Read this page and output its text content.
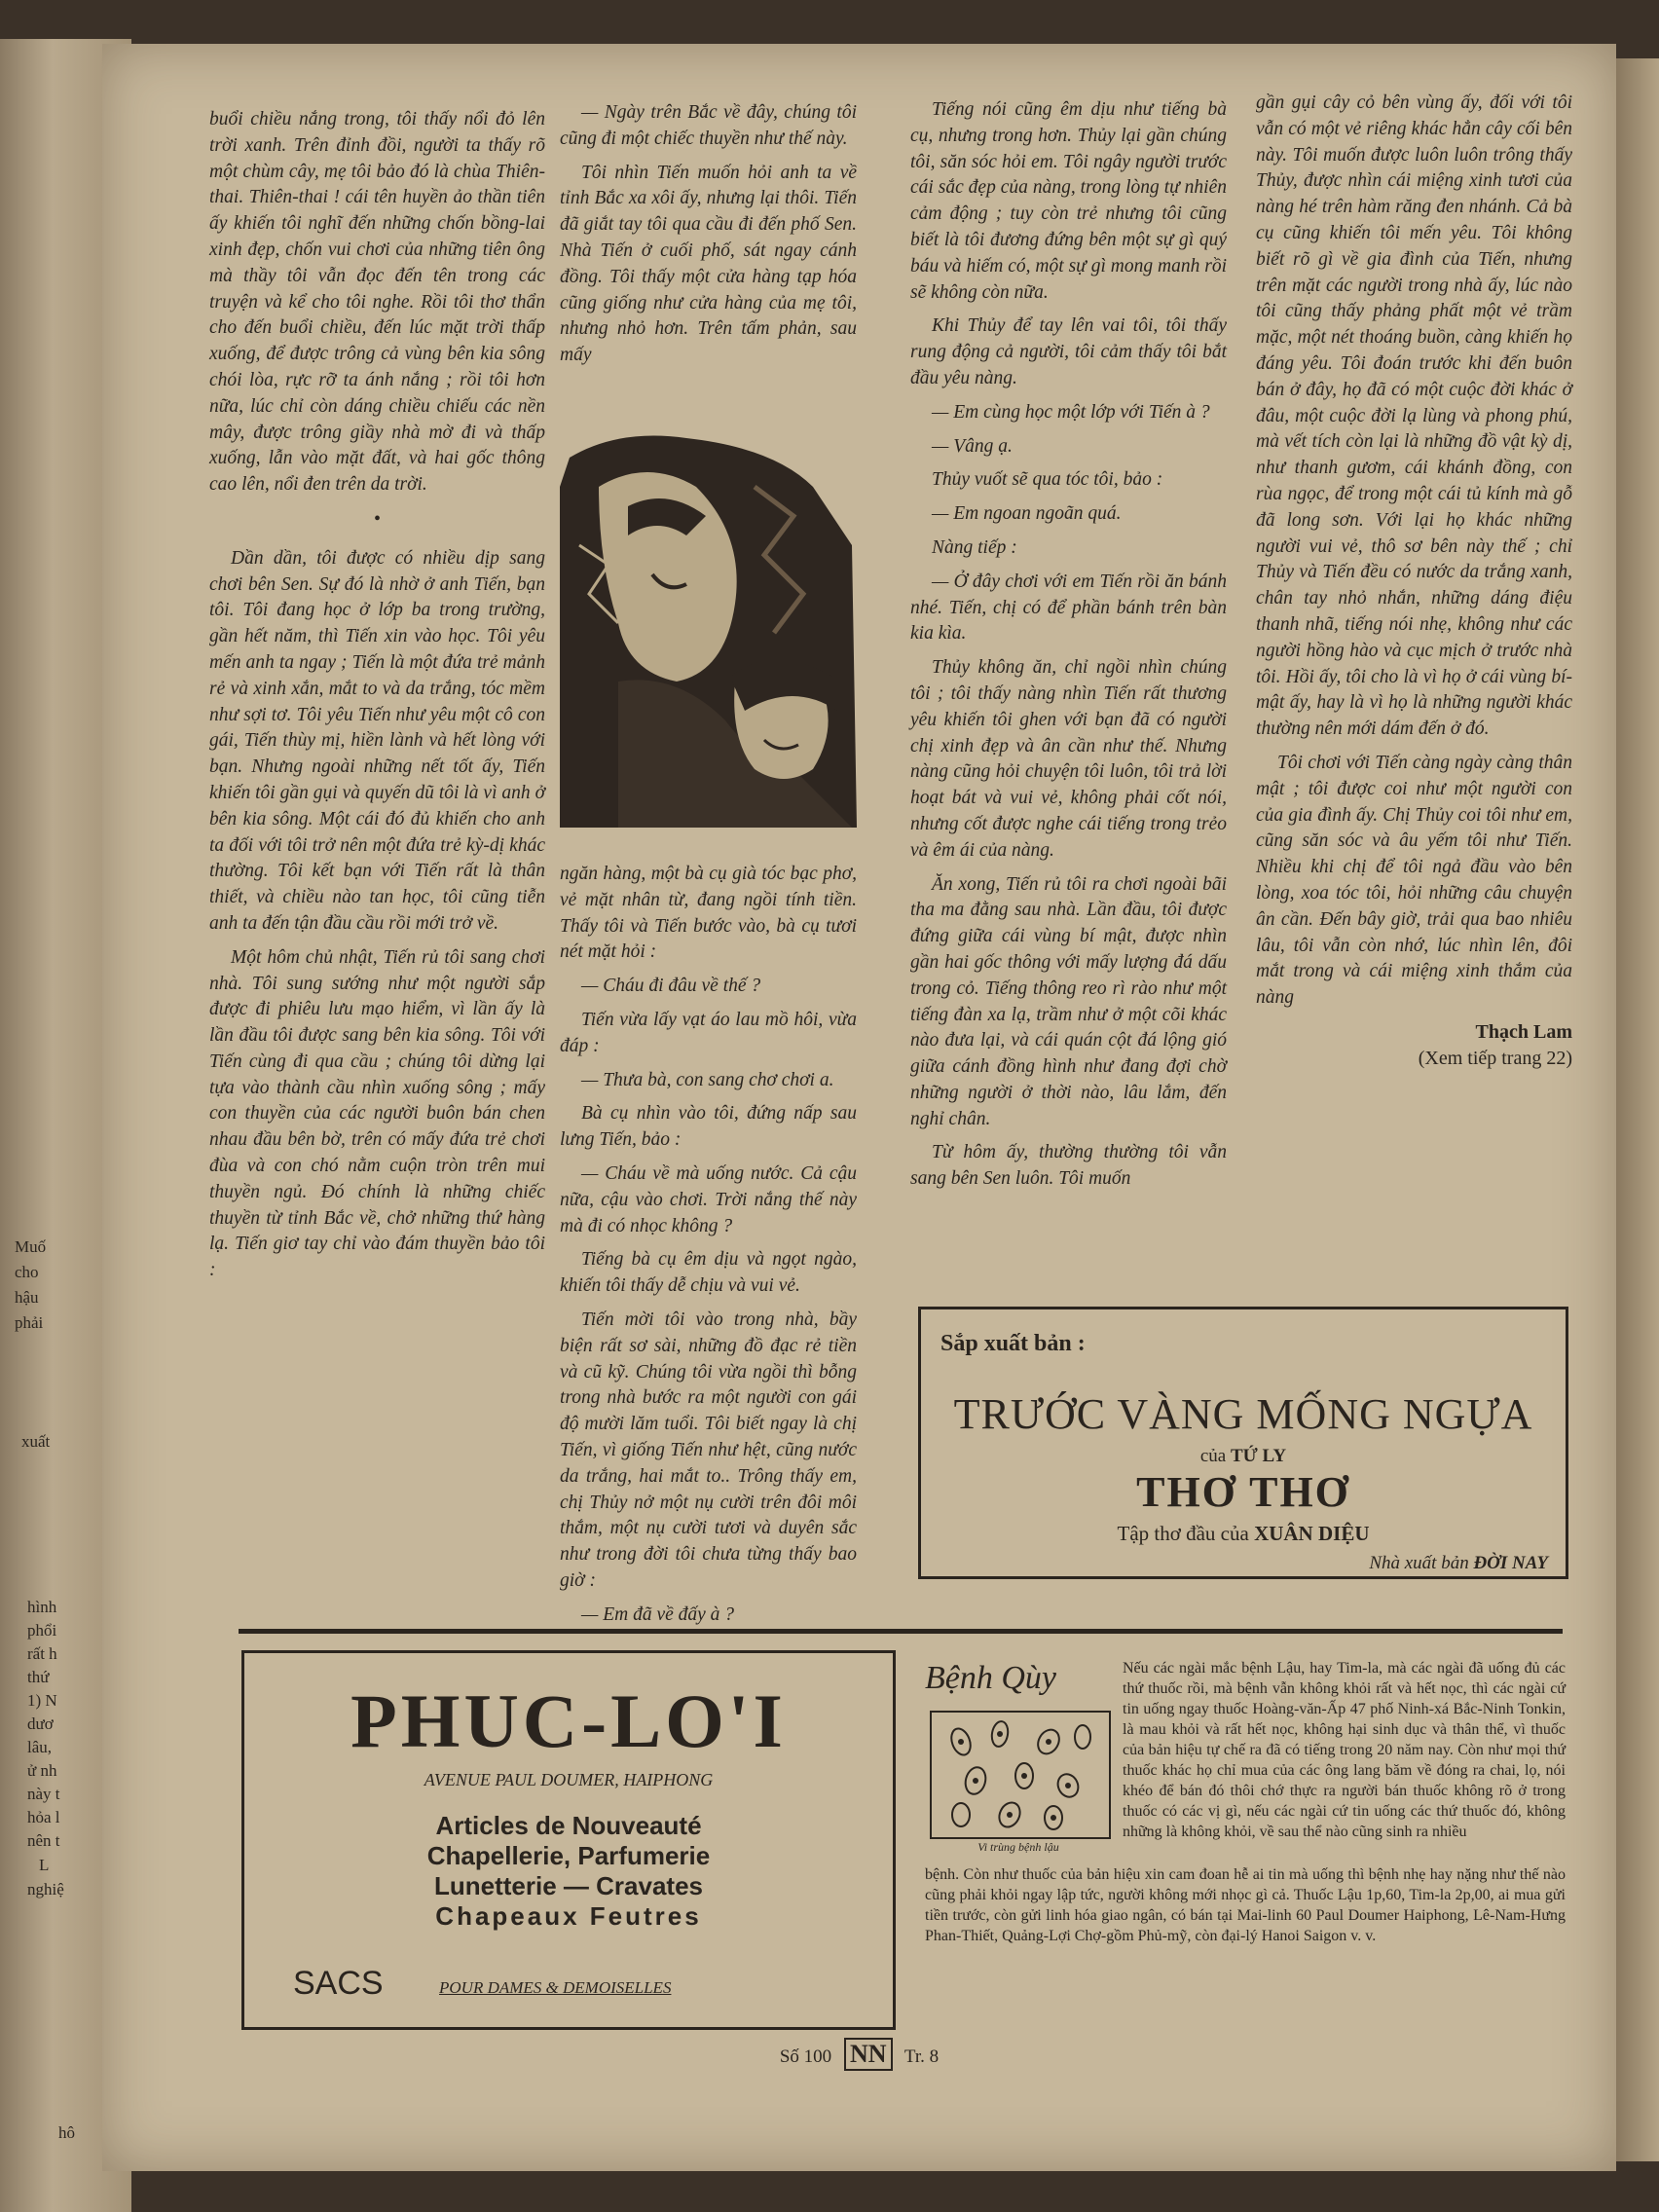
Muố
cho
hậu
phải
xuất
hình
phổi
rất h
thứ
1) N
dươ
lâu,
ử nh
này t
hỏa l
nên t
L
nghiệ
hô

buổi chiều nắng trong, tôi thấy nổi đỏ lên trời xanh. Trên đỉnh đồi, người ta thấy rõ một chùm cây, mẹ tôi bảo đó là chùa Thiên-thai. Thiên-thai ! cái tên huyền ảo thần tiên ấy khiến tôi nghĩ đến những chốn bồng-lai xinh đẹp, chốn vui chơi của những tiên ông mà thầy tôi vẫn đọc đến tên trong các truyện và kể cho tôi nghe. Rồi tôi thơ thẩn cho đến buổi chiều, đến lúc mặt trời thấp xuống, để được trông cả vùng bên kia sông chói lòa, rực rỡ ta ánh nắng ; rồi tôi hơn nữa, lúc chỉ còn dáng chiều chiếu các nền mây, được trông giầy nhà mờ đi và thấp xuống, lẫn vào mặt đất, và hai gốc thông cao lên, nổi đen trên da trời.

•

Dần dần, tôi được có nhiều dịp sang chơi bên Sen. Sự đó là nhờ ở anh Tiến, bạn tôi. Tôi đang học ở lớp ba trong trường, gần hết năm, thì Tiến xin vào học. Tôi yêu mến anh ta ngay ; Tiến là một đứa trẻ mảnh rẻ và xinh xắn, mắt to và da trắng, tóc mềm như sợi tơ. Tôi yêu Tiến như yêu một cô con gái, Tiến thùy mị, hiền lành và hết lòng với bạn. Nhưng ngoài những nết tốt ấy, Tiến khiến tôi gần gụi và quyến dũ tôi là vì anh ở bên kia sông. Một cái đó đủ khiến cho anh ta đối với tôi trở nên một đứa trẻ kỳ-dị khác thường. Tôi kết bạn với Tiến rất là thân thiết, và chiều nào tan học, tôi cũng tiễn anh ta đến tận đầu cầu rồi mới trở về.

Một hôm chủ nhật, Tiến rủ tôi sang chơi nhà. Tôi sung sướng như một người sắp được đi phiêu lưu mạo hiểm, vì lần ấy là lần đầu tôi được sang bên kia sông. Tôi với Tiến cùng đi qua cầu ; chúng tôi dừng lại tựa vào thành cầu nhìn xuống sông ; mấy con thuyền của các người buôn bán chen nhau đầu bên bờ, trên có mấy đứa trẻ chơi đùa và con chó nằm cuộn tròn trên mui thuyền ngủ. Đó chính là những chiếc thuyền từ tỉnh Bắc về, chở những thứ hàng lạ. Tiến giơ tay chỉ vào đám thuyền bảo tôi :

— Ngày trên Bắc về đây, chúng tôi cũng đi một chiếc thuyền như thế này.

Tôi nhìn Tiến muốn hỏi anh ta về tỉnh Bắc xa xôi ấy, nhưng lại thôi. Tiến đã giắt tay tôi qua cầu đi đến phố Sen. Nhà Tiến ở cuối phố, sát ngay cánh đồng. Tôi thấy một cửa hàng tạp hóa cũng giống như cửa hàng của mẹ tôi, nhưng nhỏ hơn. Trên tấm phản, sau mấy

ngăn hàng, một bà cụ già tóc bạc phơ, vẻ mặt nhân từ, đang ngồi tính tiền. Thấy tôi và Tiến bước vào, bà cụ tươi nét mặt hỏi :

— Cháu đi đâu về thế ?

Tiến vừa lấy vạt áo lau mồ hôi, vừa đáp :

— Thưa bà, con sang chơ chơi a.

Bà cụ nhìn vào tôi, đứng nấp sau lưng Tiến, bảo :

— Cháu về mà uống nước. Cả cậu nữa, cậu vào chơi. Trời nắng thế này mà đi có nhọc không ?

Tiếng bà cụ êm dịu và ngọt ngào, khiến tôi thấy dễ chịu và vui vẻ.

Tiến mời tôi vào trong nhà, bầy biện rất sơ sài, những đồ đạc rẻ tiền và cũ kỹ. Chúng tôi vừa ngồi thì bỗng trong nhà bước ra một người con gái độ mười lăm tuổi. Tôi biết ngay là chị Tiến, vì giống Tiến như hệt, cũng nước da trắng, hai mắt to.. Trông thấy em, chị Thủy nở một nụ cười trên đôi môi thắm, một nụ cười tươi và duyên sắc như trong đời tôi chưa từng thấy bao giờ :

— Em đã về đấy à ?

Tiếng nói cũng êm dịu như tiếng bà cụ, nhưng trong hơn. Thủy lại gần chúng tôi, săn sóc hỏi em. Tôi ngây người trước cái sắc đẹp của nàng, trong lòng tự nhiên cảm động ; tuy còn trẻ nhưng tôi cũng biết là tôi đương đứng bên một sự gì quý báu và hiếm có, một sự gì mong manh rồi sẽ không còn nữa.

Khi Thủy để tay lên vai tôi, tôi thấy rung động cả người, tôi cảm thấy tôi bắt đầu yêu nàng.

— Em cùng học một lớp với Tiến à ?

— Vâng ạ.

Thủy vuốt sẽ qua tóc tôi, bảo :

— Em ngoan ngoãn quá.

Nàng tiếp :

— Ở đây chơi với em Tiến rồi ăn bánh nhé. Tiến, chị có để phần bánh trên bàn kia kìa.

Thủy không ăn, chỉ ngồi nhìn chúng tôi ; tôi thấy nàng nhìn Tiến rất thương yêu khiến tôi ghen với bạn đã có người chị xinh đẹp và ân cần như thế. Nhưng nàng cũng hỏi chuyện tôi luôn, tôi trả lời hoạt bát và vui vẻ, không phải cốt nói, nhưng cốt được nghe cái tiếng trong trẻo và êm ái của nàng.

Ăn xong, Tiến rủ tôi ra chơi ngoài bãi tha ma đằng sau nhà. Lần đầu, tôi được đứng giữa cái vùng bí mật, được nhìn gần hai gốc thông với mấy lượng đá dấu trong cỏ. Tiếng thông reo rì rào như một tiếng đàn xa lạ, trầm như ở một cõi khác nào đưa lại, và cái quán cột đá lộng gió giữa cánh đồng hình như đang đợi chờ những người ở thời nào, lâu lắm, đến nghỉ chân.

Từ hôm ấy, thường thường tôi vẫn sang bên Sen luôn. Tôi muốn

gần gụi cây cỏ bên vùng ấy, đối với tôi vẫn có một vẻ riêng khác hẳn cây cối bên này. Tôi muốn được luôn luôn trông thấy Thủy, được nhìn cái miệng xinh tươi của nàng hé trên hàm răng đen nhánh. Cả bà cụ cũng khiến tôi mến yêu. Tôi không biết rõ gì về gia đình của Tiến, nhưng trên mặt các người trong nhà ấy, lúc nào tôi cũng thấy phảng phất một vẻ trầm mặc, một nét thoáng buồn, càng khiến họ đáng yêu. Tôi đoán trước khi đến buôn bán ở đây, họ đã có một cuộc đời khác ở đâu, một cuộc đời lạ lùng và phong phú, mà vết tích còn lại là những đồ vật kỳ dị, như thanh gươm, cái khánh đồng, con rùa ngọc, để trong một cái tủ kính mà gỗ đã long sơn. Với lại họ khác những người vui vẻ, thô sơ bên này thế ; chỉ Thủy và Tiến đều có nước da trắng xanh, chân tay nhỏ nhắn, những dáng điệu thanh nhã, tiếng nói nhẹ, không như các người hồng hào và cục mịch ở trước nhà tôi. Hồi ấy, tôi cho là vì họ ở cái vùng bí-mật ấy, hay là vì họ là những người khác thường nên mới dám đến ở đó.

Tôi chơi với Tiến càng ngày càng thân mật ; tôi được coi như một người con của gia đình ấy. Chị Thủy coi tôi như em, cũng săn sóc và âu yếm tôi như Tiến. Nhiều khi chị để tôi ngả đầu vào bên lòng, xoa tóc tôi, hỏi những câu chuyện ân cần. Đến bây giờ, trải qua bao nhiêu lâu, tôi vẫn còn nhớ, lúc nhìn lên, đôi mắt trong và cái miệng xinh thắm của nàng

Thạch Lam
(Xem tiếp trang 22)
Sắp xuất bản :
TRƯỚC VÀNG MỐNG NGỰA
của TỨ LY
THƠ THƠ
Tập thơ đầu của XUÂN DIỆU
Nhà xuất bản ĐỜI NAY
PHUC-LO'I
AVENUE PAUL DOUMER, HAIPHONG
Articles de Nouveauté
Chapellerie, Parfumerie
Lunetterie — Cravates
Chapeaux Feutres
SACS	POUR DAMES & DEMOISELLES
Bệnh Qùy
Vi trùng bệnh lậu
Nếu các ngài mắc bệnh Lậu, hay Tim-la, mà các ngài đã uống đủ các thứ thuốc rồi, mà bệnh vẫn không khỏi rất và hết nọc, thì các ngài cứ tin uống ngay thuốc Hoàng-văn-Ấp 47 phố Ninh-xá Bắc-Ninh Tonkin, là mau khỏi và rất hết nọc, không hại sinh dục và thân thể, vì thuốc của bản hiệu tự chế ra đã có tiếng trong 20 năm nay. Còn như mọi thứ thuốc khác họ chỉ mua của các ông lang băm về đóng ra chai, lọ, nói khéo để bán đó thôi chớ thực ra người bán thuốc không rõ ở trong thuốc có các vị gì, nếu các ngài cứ tin uống các thứ thuốc đó, không những là không khỏi, về sau thể nào cũng sinh ra nhiều
bệnh. Còn như thuốc của bản hiệu xin cam đoan hễ ai tin mà uống thì bệnh nhẹ hay nặng như thế nào cũng phải khỏi ngay lập tức, người không mới nhọc gì cả. Thuốc Lậu 1p,60, Tim-la 2p,00, ai mua gửi tiền trước, còn gửi linh hóa giao ngân, có bán tại Mai-linh 60 Paul Doumer Haiphong, Lê-Nam-Hưng Phan-Thiết, Quảng-Lợi Chợ-gồm Phủ-mỹ, còn đại-lý Hanoi Saigon v. v.
Số 100 NN Tr. 8
